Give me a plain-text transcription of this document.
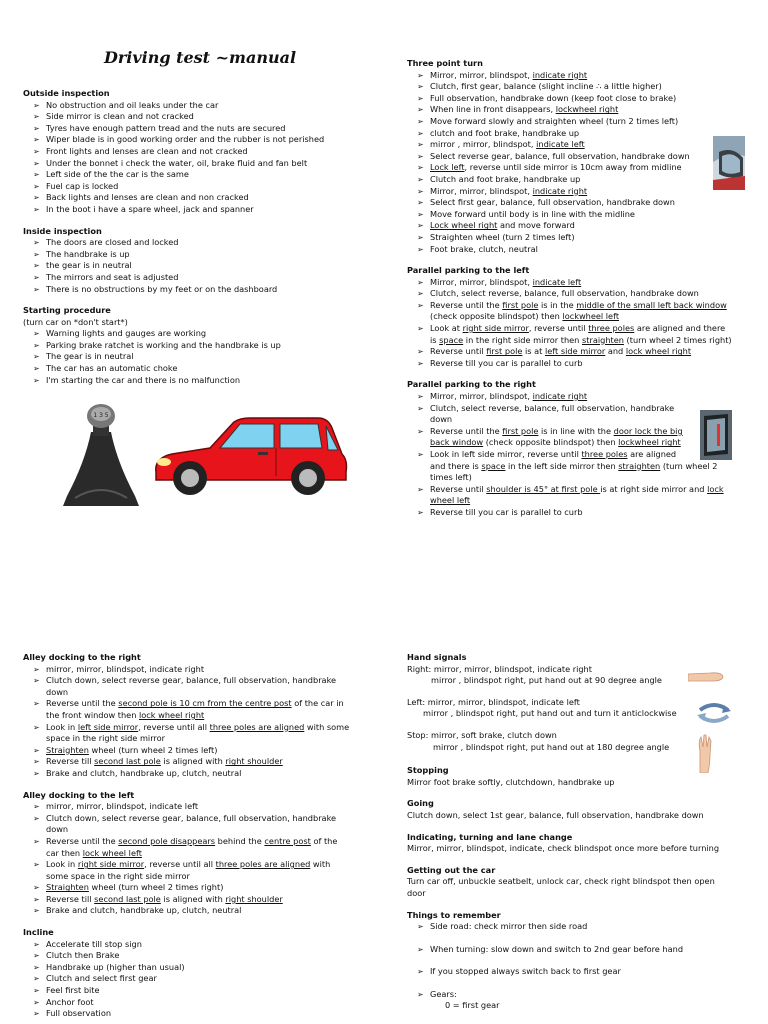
Driving test ~manual
Outside inspection
➢ No obstruction and oil leaks under the car
➢ Side mirror is clean and not cracked
➢ Tyres have enough pattern tread and the nuts are secured
➢ Wiper blade is in good working order and the rubber is not perished
➢ Front lights and lenses are clean and not cracked
➢ Under the bonnet i check the water, oil, brake fluid and fan belt
➢ Left side of the the car is the same
➢ Fuel cap is locked
➢ Back lights and lenses are clean and non cracked
➢ In the boot i have a spare wheel, jack and spanner
Inside inspection
➢ The doors are closed and locked
➢ The handbrake is up
➢ the gear is in neutral
➢ The mirrors and seat is adjusted
➢ There is no obstructions by my feet or on the dashboard
Starting procedure

(turn car on *don't start*)

➢ Warning lights and gauges are working
➢ Parking brake ratchet is working and the handbrake is up
➢ The gear is in neutral
➢ The car has an automatic choke
➢ I'm starting the car and there is no malfunction
1 3 5
Three point turn
➢ Mirror, mirror, blindspot, indicate right
➢ Clutch, first gear, balance (slight incline ∴ a little higher)
➢ Full observation, handbrake down (keep foot close to brake)
➢ When line in front disappears, lockwheel right
➢ Move forward slowly and straighten wheel (turn 2 times left)
➢ clutch and foot brake, handbrake up
➢ mirror , mirror, blindspot, indicate left
➢ Select reverse gear, balance, full observation, handbrake down
➢ Lock left, reverse until side mirror is 10cm away from midline
➢ Clutch and foot brake, handbrake up
➢ Mirror, mirror, blindspot, indicate right
➢ Select first gear, balance, full observation, handbrake down
➢ Move forward until body is in line with the midline
➢ Lock wheel right and move forward
➢ Straighten wheel (turn 2 times left)
➢ Foot brake, clutch, neutral
Parallel parking to the left
➢ Mirror, mirror, blindspot, indicate left
➢ Clutch, select reverse, balance, full observation, handbrake down
➢ Reverse until the first pole is in the middle of the small left back window
(check opposite blindspot) then lockwheel left
➢ Look at right side mirror, reverse until three poles are aligned and there
is space in the right side mirror then straighten (turn wheel 2 times right)
➢ Reverse until first pole is at left side mirror and lock wheel right
➢ Reverse till you car is parallel to curb
Parallel parking to the right
➢ Mirror, mirror, blindspot, indicate right
➢ Clutch, select reverse, balance, full observation, handbrake
down
➢ Reverse until the first pole is in line with the door lock the big
back window (check opposite blindspot) then lockwheel right
➢ Look in left side mirror, reverse until three poles are aligned
and there is space in the left side mirror then straighten (turn wheel 2
times left)
➢ Reverse until shoulder is 45° at first pole is at right side mirror and lock
wheel left
➢ Reverse till you car is parallel to curb
Alley docking to the right
➢ mirror, mirror, blindspot, indicate right
➢ Clutch down, select reverse gear, balance, full observation, handbrake
down
➢ Reverse until the second pole is 10 cm from the centre post of the car in
the front window then lock wheel right
➢ Look in left side mirror, reverse until all three poles are aligned with some
space in the right side mirror
➢ Straighten wheel (turn wheel 2 times left)
➢ Reverse till second last pole is aligned with right shoulder
➢ Brake and clutch, handbrake up, clutch, neutral
Alley docking to the left
➢ mirror, mirror, blindspot, indicate left
➢ Clutch down, select reverse gear, balance, full observation, handbrake
down
➢ Reverse until the second pole disappears behind the centre post of the
car then lock wheel left
➢ Look in right side mirror, reverse until all three poles are aligned with
some space in the right side mirror
➢ Straighten wheel (turn wheel 2 times right)
➢ Reverse till second last pole is aligned with right shoulder
➢ Brake and clutch, handbrake up, clutch, neutral
Incline
➢ Accelerate till stop sign
➢ Clutch then Brake
➢ Handbrake up (higher than usual)
➢ Clutch and select first gear
➢ Feel first bite
➢ Anchor foot
➢ Full observation
Hand signals

Right: mirror, mirror, blindspot, indicate right

mirror , blindspot right, put hand out at 90 degree angle

Left: mirror, mirror, blindspot, indicate left

mirror , blindspot right, put hand out and turn it anticlockwise

Stop: mirror, soft brake, clutch down

mirror , blindspot right, put hand out at 180 degree angle

Stopping

Mirror foot brake softly, clutchdown, handbrake up

Going

Clutch down, select 1st gear, balance, full observation, handbrake down

Indicating, turning and lane change

Mirror, mirror, blindspot, indicate, check blindspot once more before turning

Getting out the car

Turn car off, unbuckle seatbelt, unlock car, check right blindspot then open

door

Things to remember
➢ Side road: check mirror then side road
➢ When turning: slow down and switch to 2nd gear before hand
➢ If you stopped always switch back to first gear
➢ Gears:

0 = first gear
